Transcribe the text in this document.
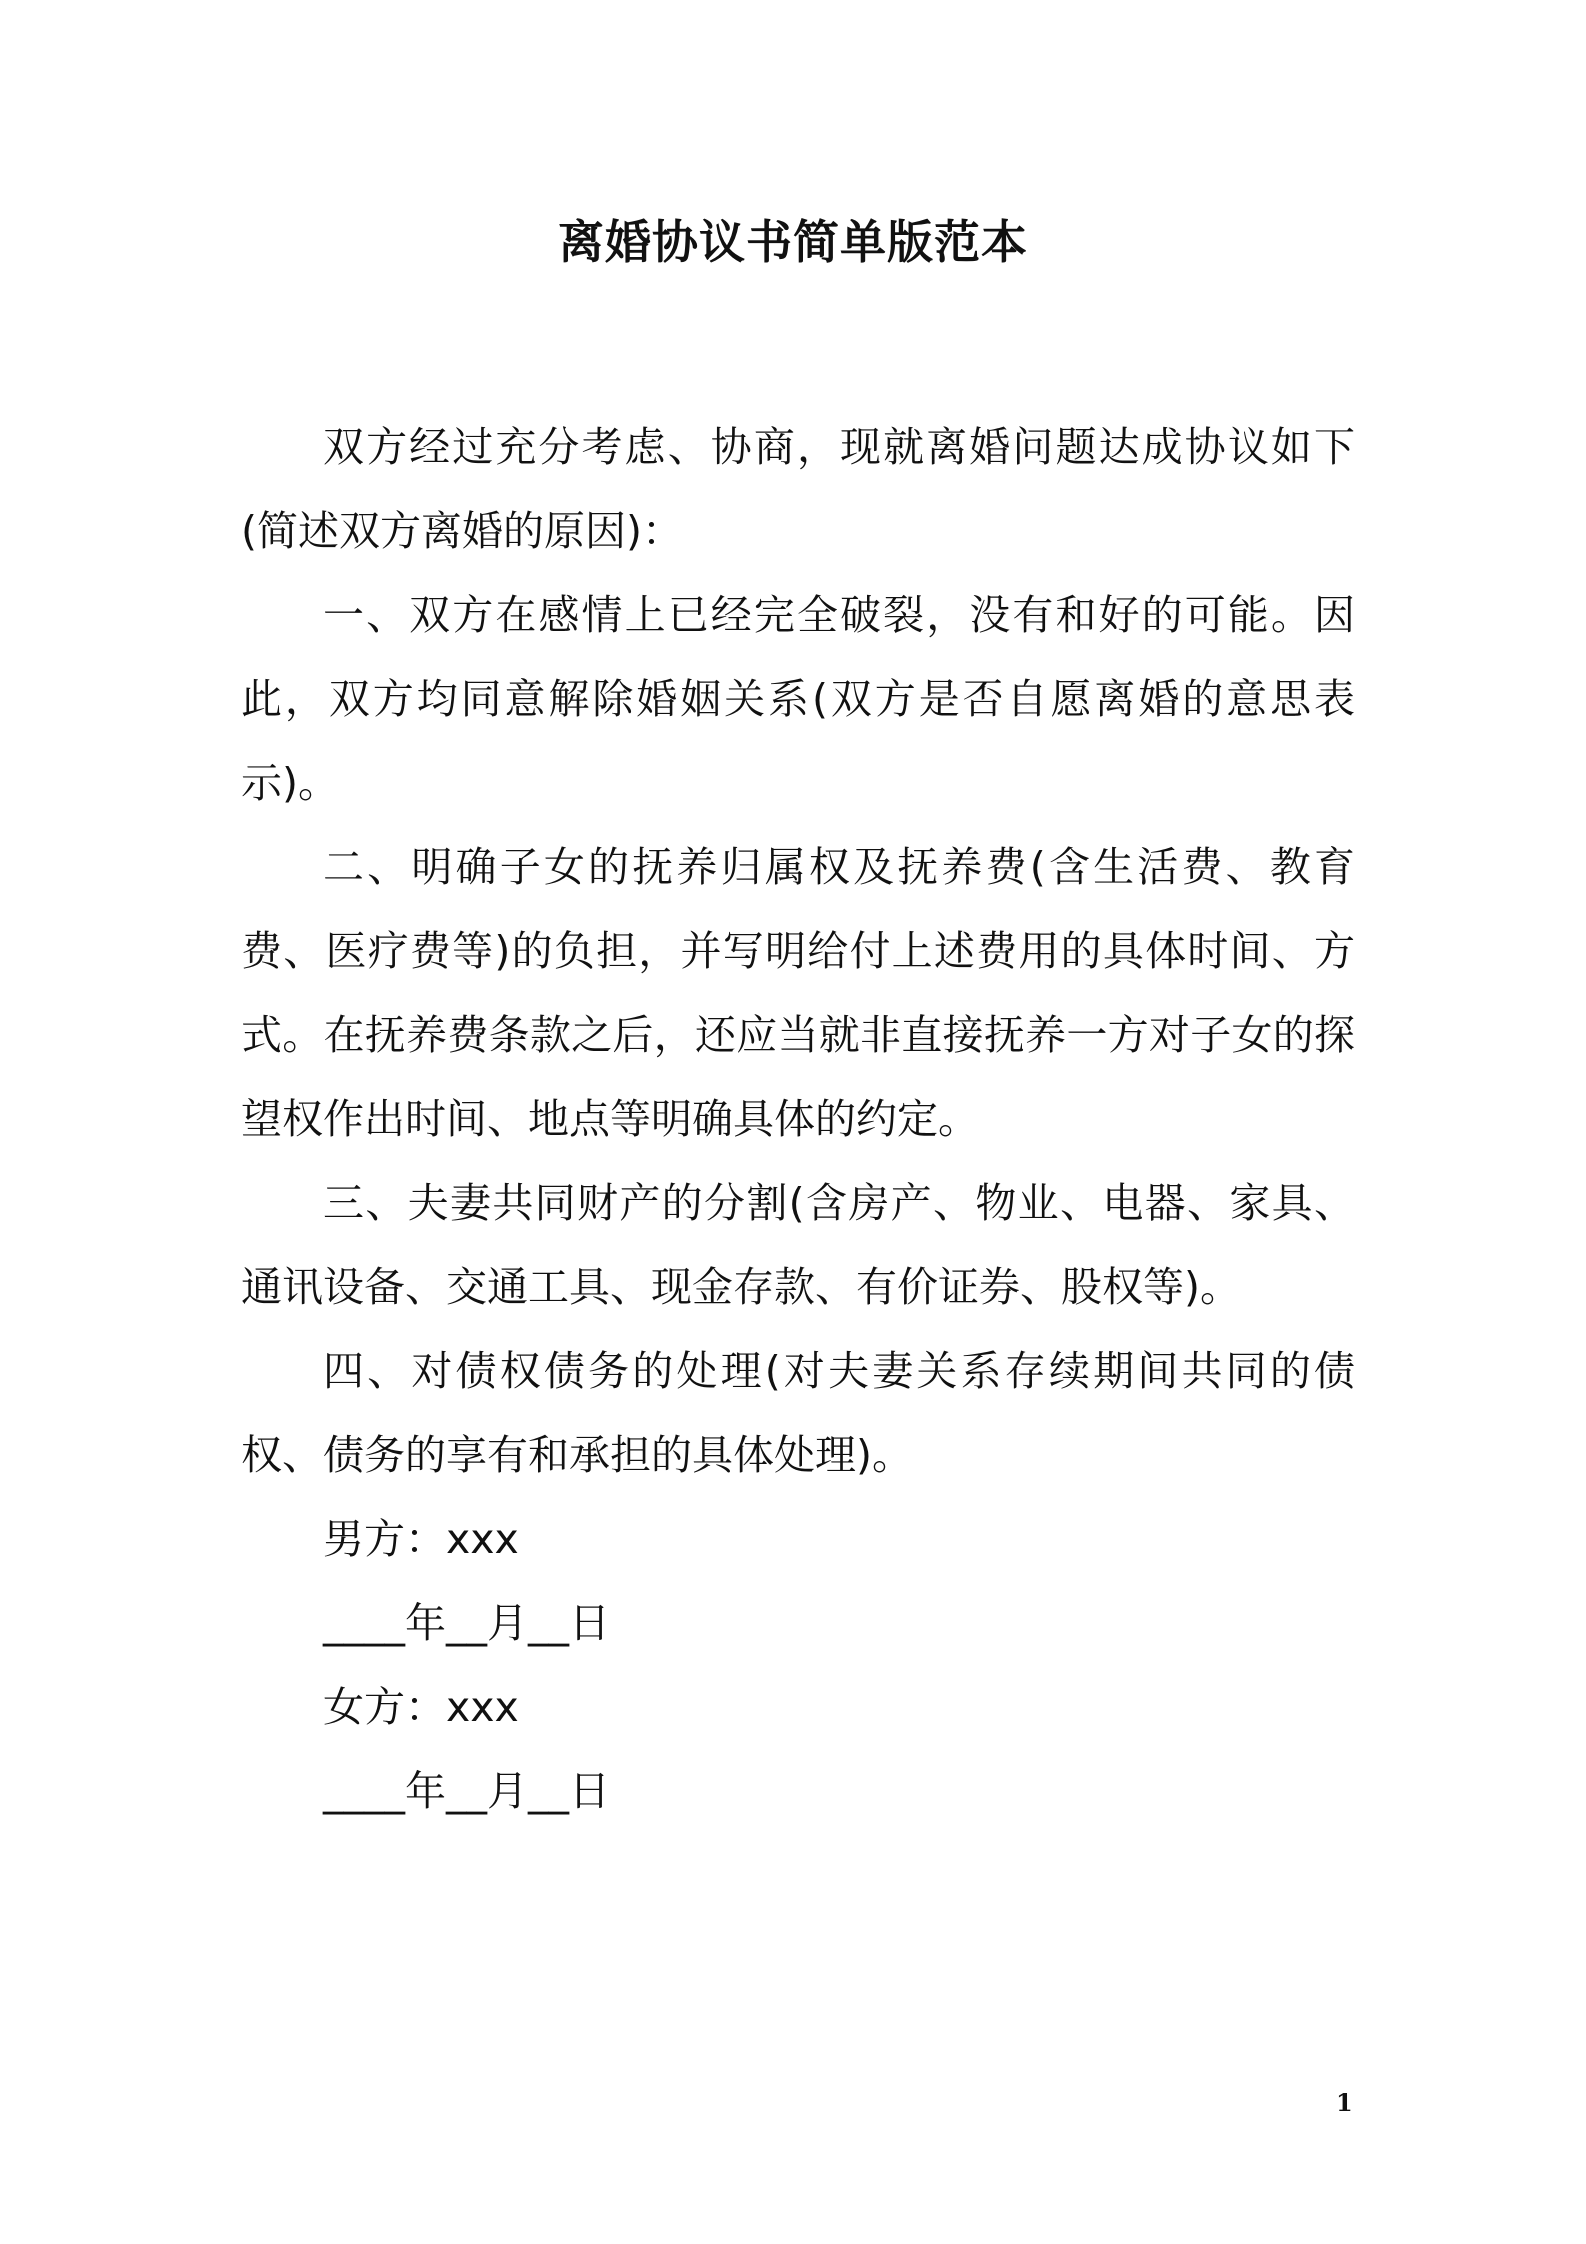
离婚协议书简单版范本

双方经过充分考虑、协商，现就离婚问题达成协议如下(简述双方离婚的原因)：

一、双方在感情上已经完全破裂，没有和好的可能。因此，双方均同意解除婚姻关系(双方是否自愿离婚的意思表示)。

二、明确子女的抚养归属权及抚养费(含生活费、教育费、医疗费等)的负担，并写明给付上述费用的具体时间、方式。在抚养费条款之后，还应当就非直接抚养一方对子女的探望权作出时间、地点等明确具体的约定。

三、夫妻共同财产的分割(含房产、物业、电器、家具、通讯设备、交通工具、现金存款、有价证券、股权等)。

四、对债权债务的处理(对夫妻关系存续期间共同的债权、债务的享有和承担的具体处理)。

男方：xxx

____年__月__日

女方：xxx

____年__月__日

1
